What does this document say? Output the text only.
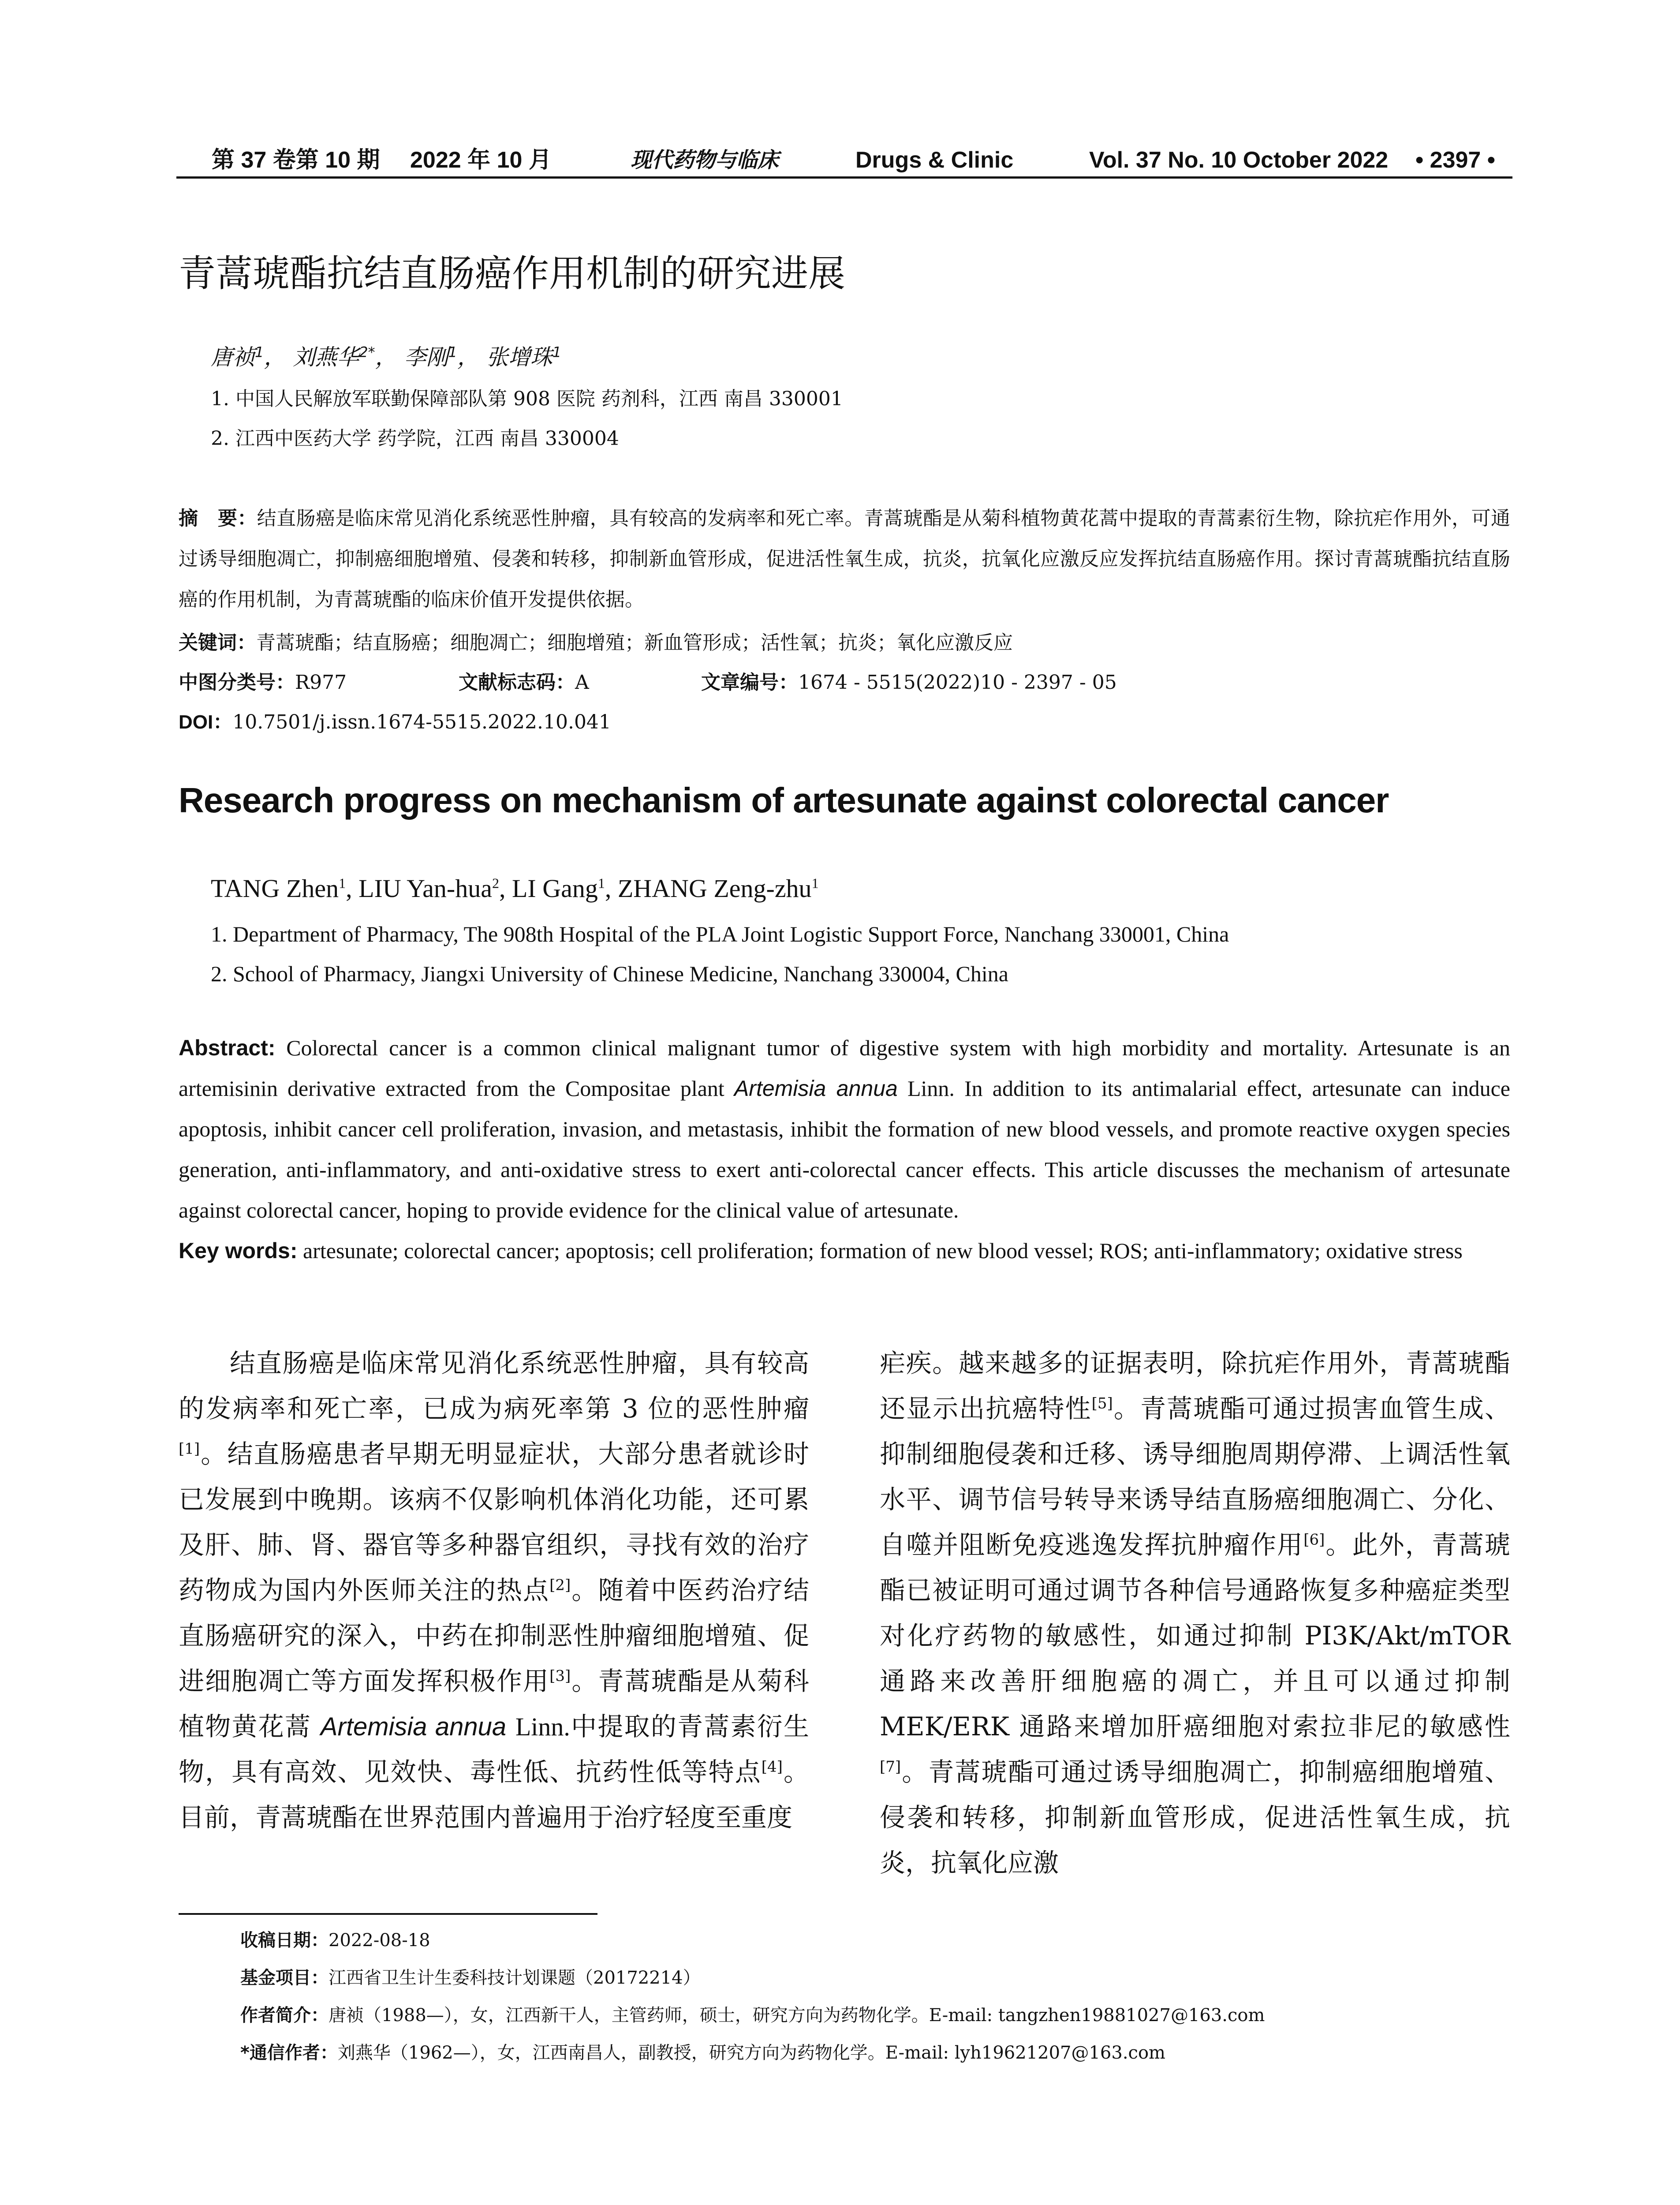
第 37 卷第 10 期 2022 年 10 月	现代药物与临床	Drugs & Clinic	Vol. 37 No. 10 October 2022 • 2397 •
青蒿琥酯抗结直肠癌作用机制的研究进展
唐祯$^1$， 刘燕华$^{2*}$， 李刚$^1$， 张增珠$^1$
1. 中国人民解放军联勤保障部队第 908 医院 药剂科，江西 南昌 330001
2. 江西中医药大学 药学院，江西 南昌 330004
摘　要：结直肠癌是临床常见消化系统恶性肿瘤，具有较高的发病率和死亡率。青蒿琥酯是从菊科植物黄花蒿中提取的青蒿素衍生物，除抗疟作用外，可通过诱导细胞凋亡，抑制癌细胞增殖、侵袭和转移，抑制新血管形成，促进活性氧生成，抗炎，抗氧化应激反应发挥抗结直肠癌作用。探讨青蒿琥酯抗结直肠癌的作用机制，为青蒿琥酯的临床价值开发提供依据。
关键词：青蒿琥酯；结直肠癌；细胞凋亡；细胞增殖；新血管形成；活性氧；抗炎；氧化应激反应
中图分类号：R977	文献标志码：A	文章编号：1674 - 5515(2022)10 - 2397 - 05
DOI：10.7501/j.issn.1674-5515.2022.10.041
Research progress on mechanism of artesunate against colorectal cancer
TANG Zhen$^1$, LIU Yan-hua$^2$, LI Gang$^1$, ZHANG Zeng-zhu$^1$
1. Department of Pharmacy, The 908th Hospital of the PLA Joint Logistic Support Force, Nanchang 330001, China
2. School of Pharmacy, Jiangxi University of Chinese Medicine, Nanchang 330004, China
Abstract: Colorectal cancer is a common clinical malignant tumor of digestive system with high morbidity and mortality. Artesunate is an artemisinin derivative extracted from the Compositae plant Artemisia annua Linn. In addition to its antimalarial effect, artesunate can induce apoptosis, inhibit cancer cell proliferation, invasion, and metastasis, inhibit the formation of new blood vessels, and promote reactive oxygen species generation, anti-inflammatory, and anti-oxidative stress to exert anti-colorectal cancer effects. This article discusses the mechanism of artesunate against colorectal cancer, hoping to provide evidence for the clinical value of artesunate.
Key words: artesunate; colorectal cancer; apoptosis; cell proliferation; formation of new blood vessel; ROS; anti-inflammatory; oxidative stress
结直肠癌是临床常见消化系统恶性肿瘤，具有较高的发病率和死亡率，已成为病死率第 3 位的恶性肿瘤[1]。结直肠癌患者早期无明显症状，大部分患者就诊时已发展到中晚期。该病不仅影响机体消化功能，还可累及肝、肺、肾、器官等多种器官组织，寻找有效的治疗药物成为国内外医师关注的热点[2]。随着中医药治疗结直肠癌研究的深入，中药在抑制恶性肿瘤细胞增殖、促进细胞凋亡等方面发挥积极作用[3]。青蒿琥酯是从菊科植物黄花蒿 Artemisia annua Linn.中提取的青蒿素衍生物，具有高效、见效快、毒性低、抗药性低等特点[4]。目前，青蒿琥酯在世界范围内普遍用于治疗轻度至重度
疟疾。越来越多的证据表明，除抗疟作用外，青蒿琥酯还显示出抗癌特性[5]。青蒿琥酯可通过损害血管生成、抑制细胞侵袭和迁移、诱导细胞周期停滞、上调活性氧水平、调节信号转导来诱导结直肠癌细胞凋亡、分化、自噬并阻断免疫逃逸发挥抗肿瘤作用[6]。此外，青蒿琥酯已被证明可通过调节各种信号通路恢复多种癌症类型对化疗药物的敏感性，如通过抑制 PI3K/Akt/mTOR 通路来改善肝细胞癌的凋亡，并且可以通过抑制 MEK/ERK 通路来增加肝癌细胞对索拉非尼的敏感性[7]。青蒿琥酯可通过诱导细胞凋亡，抑制癌细胞增殖、侵袭和转移，抑制新血管形成，促进活性氧生成，抗炎，抗氧化应激
收稿日期：2022-08-18
基金项目：江西省卫生计生委科技计划课题（20172214）
作者简介：唐祯（1988—），女，江西新干人，主管药师，硕士，研究方向为药物化学。E-mail: tangzhen19881027@163.com
*通信作者：刘燕华（1962—），女，江西南昌人，副教授，研究方向为药物化学。E-mail: lyh19621207@163.com
